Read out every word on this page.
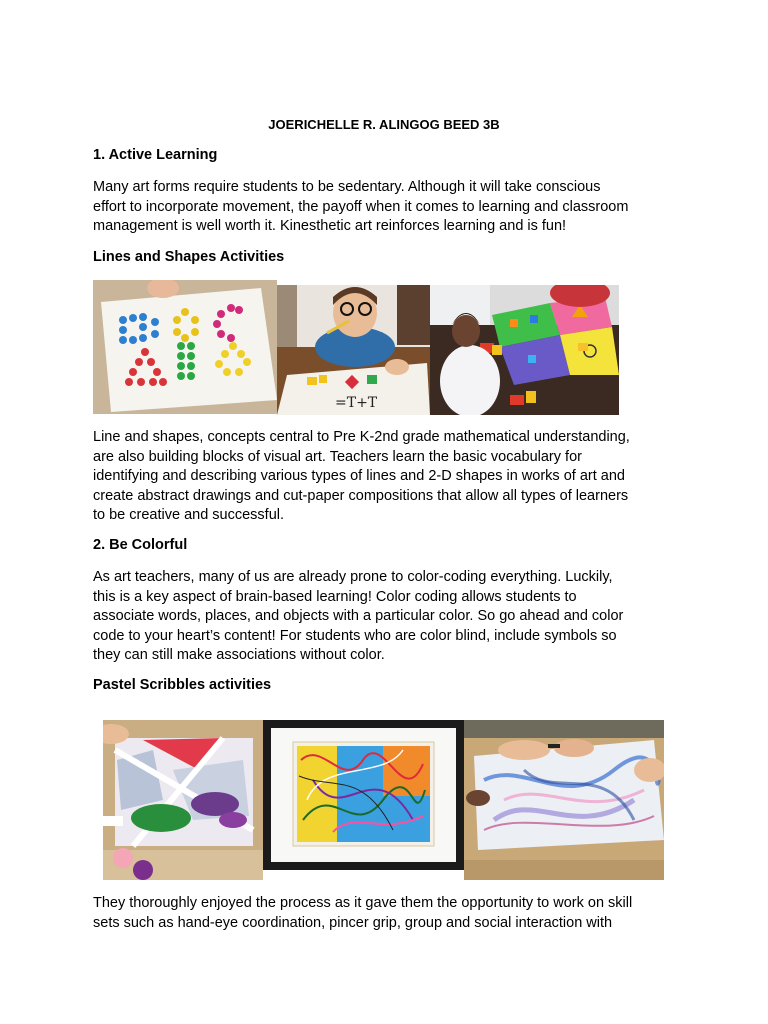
JOERICHELLE R. ALINGOG BEED 3B
1. Active Learning
Many art forms require students to be sedentary. Although it will take conscious
effort to incorporate movement, the payoff when it comes to learning and classroom
management is well worth it. Kinesthetic art reinforces learning and is fun!
Lines and Shapes Activities
=T+T
Line and shapes, concepts central to Pre K-2nd grade mathematical understanding,
are also building blocks of visual art. Teachers learn the basic vocabulary for
identifying and describing various types of lines and 2-D shapes in works of art and
create abstract drawings and cut-paper compositions that allow all types of learners
to be creative and successful.
2. Be Colorful
As art teachers, many of us are already prone to color-coding everything. Luckily,
this is a key aspect of brain-based learning! Color coding allows students to
associate words, places, and objects with a particular color. So go ahead and color
code to your heart’s content! For students who are color blind, include symbols so
they can still make associations without color.
Pastel Scribbles activities
They thoroughly enjoyed the process as it gave them the opportunity to work on skill
sets such as hand-eye coordination, pincer grip, group and social interaction with
